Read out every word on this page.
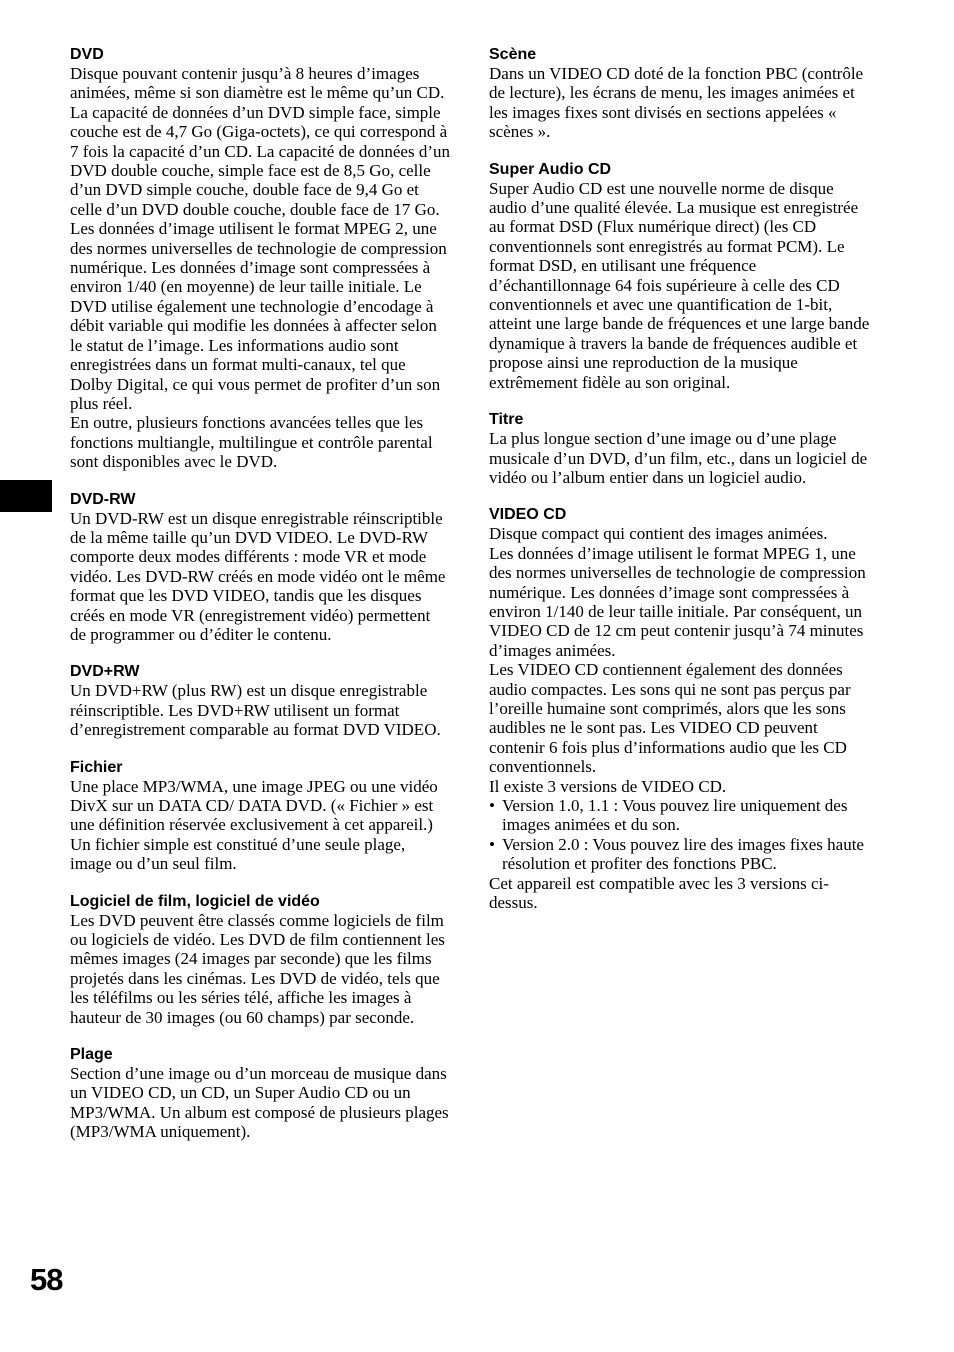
DVD

Disque pouvant contenir jusqu’à 8 heures d’images animées, même si son diamètre est le même qu’un CD.

La capacité de données d’un DVD simple face, simple couche est de 4,7 Go (Giga-octets), ce qui correspond à 7 fois la capacité d’un CD. La capacité de données d’un DVD double couche, simple face est de 8,5 Go, celle d’un DVD simple couche, double face de 9,4 Go et celle d’un DVD double couche, double face de 17 Go.

Les données d’image utilisent le format MPEG 2, une des normes universelles de technologie de compression numérique. Les données d’image sont compressées à environ 1/40 (en moyenne) de leur taille initiale. Le DVD utilise également une technologie d’encodage à débit variable qui modifie les données à affecter selon le statut de l’image. Les informations audio sont enregistrées dans un format multi-canaux, tel que Dolby Digital, ce qui vous permet de profiter d’un son plus réel.

En outre, plusieurs fonctions avancées telles que les fonctions multiangle, multilingue et contrôle parental sont disponibles avec le DVD.

DVD-RW

Un DVD-RW est un disque enregistrable réinscriptible de la même taille qu’un DVD VIDEO. Le DVD-RW comporte deux modes différents : mode VR et mode vidéo. Les DVD-RW créés en mode vidéo ont le même format que les DVD VIDEO, tandis que les disques créés en mode VR (enregistrement vidéo) permettent de programmer ou d’éditer le contenu.

DVD+RW

Un DVD+RW (plus RW) est un disque enregistrable réinscriptible. Les DVD+RW utilisent un format d’enregistrement comparable au format DVD VIDEO.

Fichier

Une place MP3/WMA, une image JPEG ou une vidéo DivX sur un DATA CD/ DATA DVD. (« Fichier » est une définition réservée exclusivement à cet appareil.) Un fichier simple est constitué d’une seule plage, image ou d’un seul film.

Logiciel de film, logiciel de vidéo

Les DVD peuvent être classés comme logiciels de film ou logiciels de vidéo. Les DVD de film contiennent les mêmes images (24 images par seconde) que les films projetés dans les cinémas. Les DVD de vidéo, tels que les téléfilms ou les séries télé, affiche les images à hauteur de 30 images (ou 60 champs) par seconde.

Plage

Section d’une image ou d’un morceau de musique dans un VIDEO CD, un CD, un Super Audio CD ou un MP3/WMA. Un album est composé de plusieurs plages (MP3/WMA uniquement).

Scène

Dans un VIDEO CD doté de la fonction PBC (contrôle de lecture), les écrans de menu, les images animées et les images fixes sont divisés en sections appelées « scènes ».

Super Audio CD

Super Audio CD est une nouvelle norme de disque audio d’une qualité élevée. La musique est enregistrée au format DSD (Flux numérique direct) (les CD conventionnels sont enregistrés au format PCM). Le format DSD, en utilisant une fréquence d’échantillonnage 64 fois supérieure à celle des CD conventionnels et avec une quantification de 1-bit, atteint une large bande de fréquences et une large bande dynamique à travers la bande de fréquences audible et propose ainsi une reproduction de la musique extrêmement fidèle au son original.

Titre

La plus longue section d’une image ou d’une plage musicale d’un DVD, d’un film, etc., dans un logiciel de vidéo ou l’album entier dans un logiciel audio.

VIDEO CD

Disque compact qui contient des images animées.

Les données d’image utilisent le format MPEG 1, une des normes universelles de technologie de compression numérique. Les données d’image sont compressées à environ 1/140 de leur taille initiale. Par conséquent, un VIDEO CD de 12 cm peut contenir jusqu’à 74 minutes d’images animées.

Les VIDEO CD contiennent également des données audio compactes. Les sons qui ne sont pas perçus par l’oreille humaine sont comprimés, alors que les sons audibles ne le sont pas. Les VIDEO CD peuvent contenir 6 fois plus d’informations audio que les CD conventionnels.

Il existe 3 versions de VIDEO CD.

• Version 1.0, 1.1 : Vous pouvez lire uniquement des images animées et du son.
• Version 2.0 : Vous pouvez lire des images fixes haute résolution et profiter des fonctions PBC.

Cet appareil est compatible avec les 3 versions ci-dessus.

58
